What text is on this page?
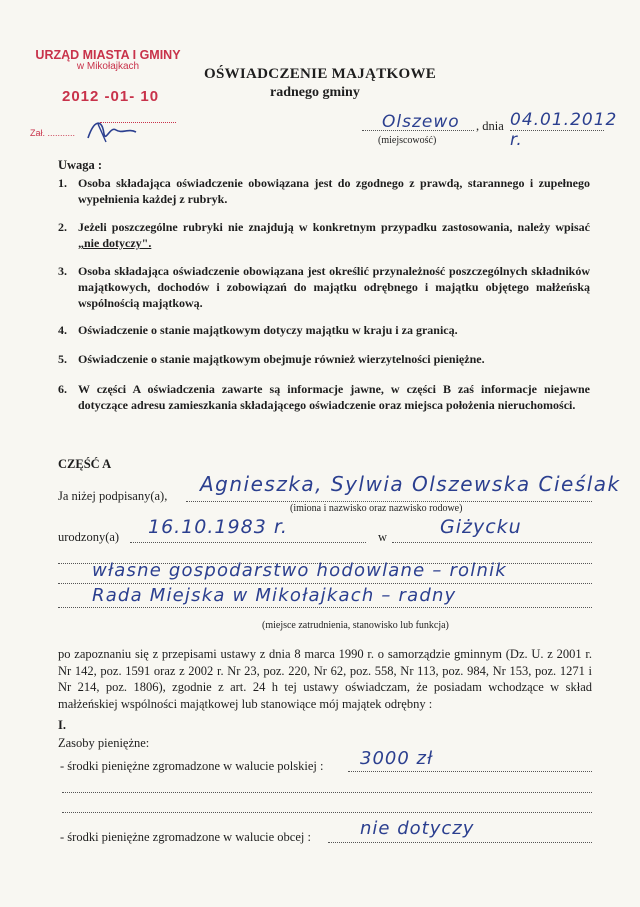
URZĄD MIASTA I GMINY
w Mikołajkach
2012 -01- 10
Zał. ...........
OŚWIADCZENIE MAJĄTKOWE
radnego gminy
Olszewo , dnia 04.01.2012 r.
(miejscowość)
Uwaga :
1. Osoba składająca oświadczenie obowiązana jest do zgodnego z prawdą, starannego i zupełnego wypełnienia każdej z rubryk.
2. Jeżeli poszczególne rubryki nie znajdują w konkretnym przypadku zastosowania, należy wpisać „nie dotyczy".
3. Osoba składająca oświadczenie obowiązana jest określić przynależność poszczególnych składników majątkowych, dochodów i zobowiązań do majątku odrębnego i majątku objętego małżeńską wspólnością majątkową.
4. Oświadczenie o stanie majątkowym dotyczy majątku w kraju i za granicą.
5. Oświadczenie o stanie majątkowym obejmuje również wierzytelności pieniężne.
6. W części A oświadczenia zawarte są informacje jawne, w części B zaś informacje niejawne dotyczące adresu zamieszkania składającego oświadczenie oraz miejsca położenia nieruchomości.
CZĘŚĆ A
Ja niżej podpisany(a), Agnieszka, Sylwia Olszewska Cieślak
(imiona i nazwisko oraz nazwisko rodowe)
urodzony(a) 16.10.1983 r.	w	Giżycku
własne gospodarstwo hodowlane – rolnik
Rada Miejska w Mikołajkach – radny
(miejsce zatrudnienia, stanowisko lub funkcja)
po zapoznaniu się z przepisami ustawy z dnia 8 marca 1990 r. o samorządzie gminnym (Dz. U. z 2001 r. Nr 142, poz. 1591 oraz z 2002 r. Nr 23, poz. 220, Nr 62, poz. 558, Nr 113, poz. 984, Nr 153, poz. 1271 i Nr 214, poz. 1806), zgodnie z art. 24 h tej ustawy oświadczam, że posiadam wchodzące w skład małżeńskiej wspólności majątkowej lub stanowiące mój majątek odrębny :
I.
Zasoby pieniężne:
- środki pieniężne zgromadzone w walucie polskiej : 3000 zł
- środki pieniężne zgromadzone w walucie obcej :	nie dotyczy
